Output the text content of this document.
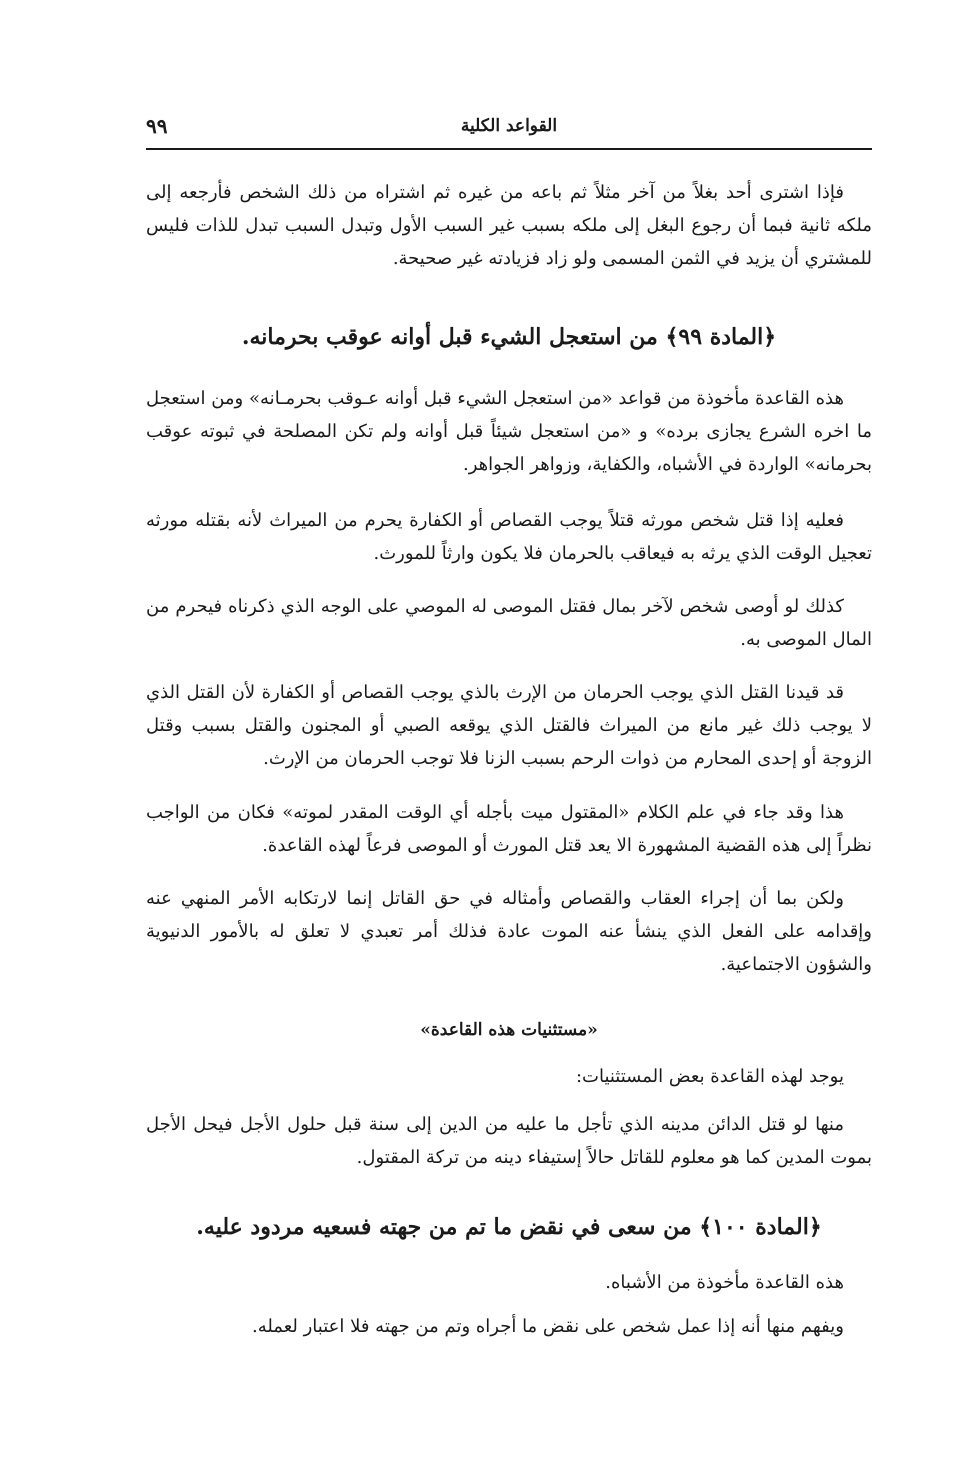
القواعد الكلية
٩٩

فإذا اشترى أحد بغلاً من آخر مثلاً ثم باعه من غيره ثم اشتراه من ذلك الشخص فأرجعه إلى ملكه ثانية فبما أن رجوع البغل إلى ملكه بسبب غير السبب الأول وتبدل السبب تبدل للذات فليس للمشتري أن يزيد في الثمن المسمى ولو زاد فزيادته غير صحيحة.

﴿المادة ٩٩﴾ من استعجل الشيء قبل أوانه عوقب بحرمانه.

هذه القاعدة مأخوذة من قواعد «من استعجل الشيء قبل أوانه عـوقب بحرمـانه» ومن استعجل ما اخره الشرع يجازى برده» و «من استعجل شيئاً قبل أوانه ولم تكن المصلحة في ثبوته عوقب بحرمانه» الواردة في الأشباه، والكفاية، وزواهر الجواهر.

فعليه إذا قتل شخص مورثه قتلاً يوجب القصاص أو الكفارة يحرم من الميراث لأنه بقتله مورثه تعجيل الوقت الذي يرثه به فيعاقب بالحرمان فلا يكون وارثاً للمورث.

كذلك لو أوصى شخص لآخر بمال فقتل الموصى له الموصي على الوجه الذي ذكرناه فيحرم من المال الموصى به.

قد قيدنا القتل الذي يوجب الحرمان من الإرث بالذي يوجب القصاص أو الكفارة لأن القتل الذي لا يوجب ذلك غير مانع من الميراث فالقتل الذي يوقعه الصبي أو المجنون والقتل بسبب وقتل الزوجة أو إحدى المحارم من ذوات الرحم بسبب الزنا فلا توجب الحرمان من الإرث.

هذا وقد جاء في علم الكلام «المقتول ميت بأجله أي الوقت المقدر لموته» فكان من الواجب نظراً إلى هذه القضية المشهورة الا يعد قتل المورث أو الموصى فرعاً لهذه القاعدة.

ولكن بما أن إجراء العقاب والقصاص وأمثاله في حق القاتل إنما لارتكابه الأمر المنهي عنه وإقدامه على الفعل الذي ينشأ عنه الموت عادة فذلك أمر تعبدي لا تعلق له بالأمور الدنيوية والشؤون الاجتماعية.

«مستثنيات هذه القاعدة»

يوجد لهذه القاعدة بعض المستثنيات:

منها لو قتل الدائن مدينه الذي تأجل ما عليه من الدين إلى سنة قبل حلول الأجل فيحل الأجل بموت المدين كما هو معلوم للقاتل حالاً إستيفاء دينه من تركة المقتول.

﴿المادة ١٠٠﴾ من سعى في نقض ما تم من جهته فسعيه مردود عليه.

هذه القاعدة مأخوذة من الأشباه.

ويفهم منها أنه إذا عمل شخص على نقض ما أجراه وتم من جهته فلا اعتبار لعمله.
